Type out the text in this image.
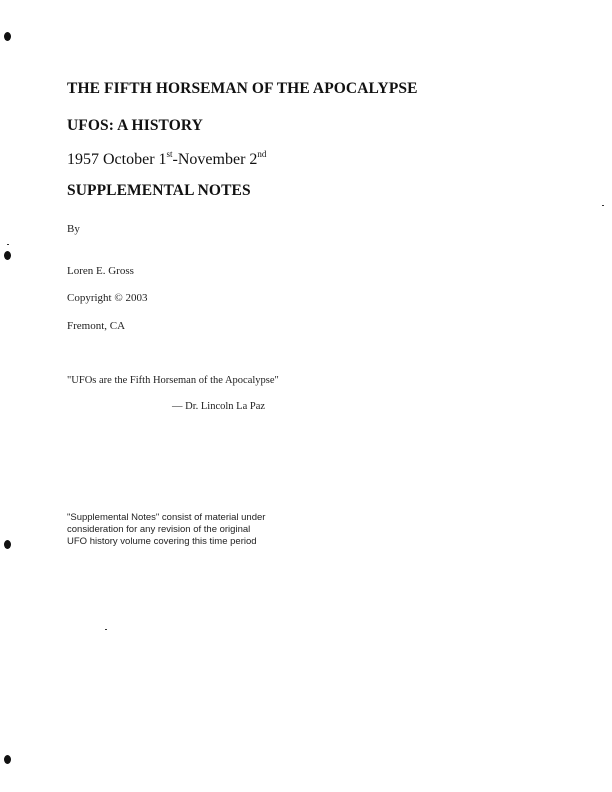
THE FIFTH HORSEMAN OF THE APOCALYPSE
UFOS: A HISTORY
1957 October 1st-November 2nd
SUPPLEMENTAL NOTES
By
Loren E. Gross
Copyright © 2003
Fremont, CA
"UFOs are the Fifth Horseman of the Apocalypse"
— Dr. Lincoln La Paz
"Supplemental Notes" consist of material under
consideration for any revision of the original
UFO history volume covering this time period
